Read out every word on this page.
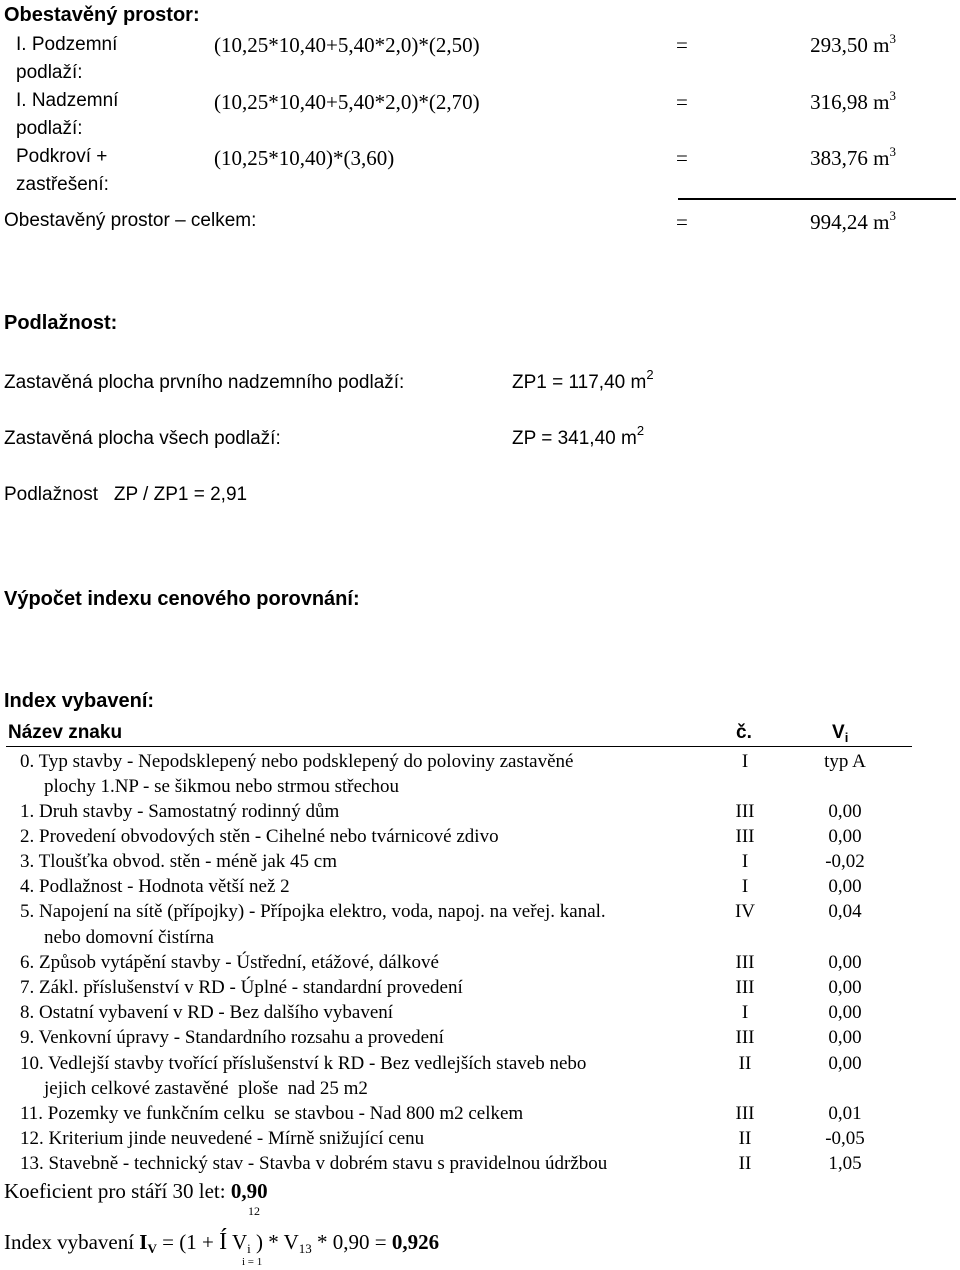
Obestavěný prostor:
I. Podzemní
podlaží:
(10,25*10,40+5,40*2,0)*(2,50)	=	293,50 $m^3$
I. Nadzemní
podlaží:
(10,25*10,40+5,40*2,0)*(2,70)	=	316,98 $m^3$
Podkroví +
zastřešení:
(10,25*10,40)*(3,60)	=	383,76 $m^3$
Obestavěný prostor – celkem:	=	994,24 $m^3$
Podlažnost:
Zastavěná plocha prvního nadzemního podlaží:	ZP1 = 117,40 $m^2$
Zastavěná plocha všech podlaží:	ZP = 341,40 $m^2$
Podlažnost   ZP / ZP1 = 2,91
Výpočet indexu cenového porovnání:
Index vybavení:
Název znaku	č.	$V_i$
0. Typ stavby - Nepodsklepený nebo podsklepený do poloviny zastavěné
plochy 1.NP - se šikmou nebo strmou střechou
I	typ A
1. Druh stavby - Samostatný rodinný dům	III	0,00
2. Provedení obvodových stěn - Cihelné nebo tvárnicové zdivo	III	0,00
3. Tloušťka obvod. stěn - méně jak 45 cm	I	-0,02
4. Podlažnost - Hodnota větší než 2	I	0,00
5. Napojení na sítě (přípojky) - Přípojka elektro, voda, napoj. na veřej. kanal.
nebo domovní čistírna
IV	0,04
6. Způsob vytápění stavby - Ústřední, etážové, dálkové	III	0,00
7. Zákl. příslušenství v RD - Úplné - standardní provedení	III	0,00
8. Ostatní vybavení v RD - Bez dalšího vybavení	I	0,00
9. Venkovní úpravy - Standardního rozsahu a provedení	III	0,00
10. Vedlejší stavby tvořící příslušenství k RD - Bez vedlejších staveb nebo
jejich celkové zastavěné  ploše  nad 25 m2
II	0,00
11. Pozemky ve funkčním celku  se stavbou - Nad 800 m2 celkem	III	0,01
12. Kriterium jinde neuvedené - Mírně snižující cenu	II	-0,05
13. Stavebně - technický stav - Stavba v dobrém stavu s pravidelnou údržbou	II	1,05
Koeficient pro stáří 30 let: 0,90
12
Index vybavení $I_V = (1$ + Í $V_i$ ) * $V_{13} * 0,90 = 0,926$
i = 1
